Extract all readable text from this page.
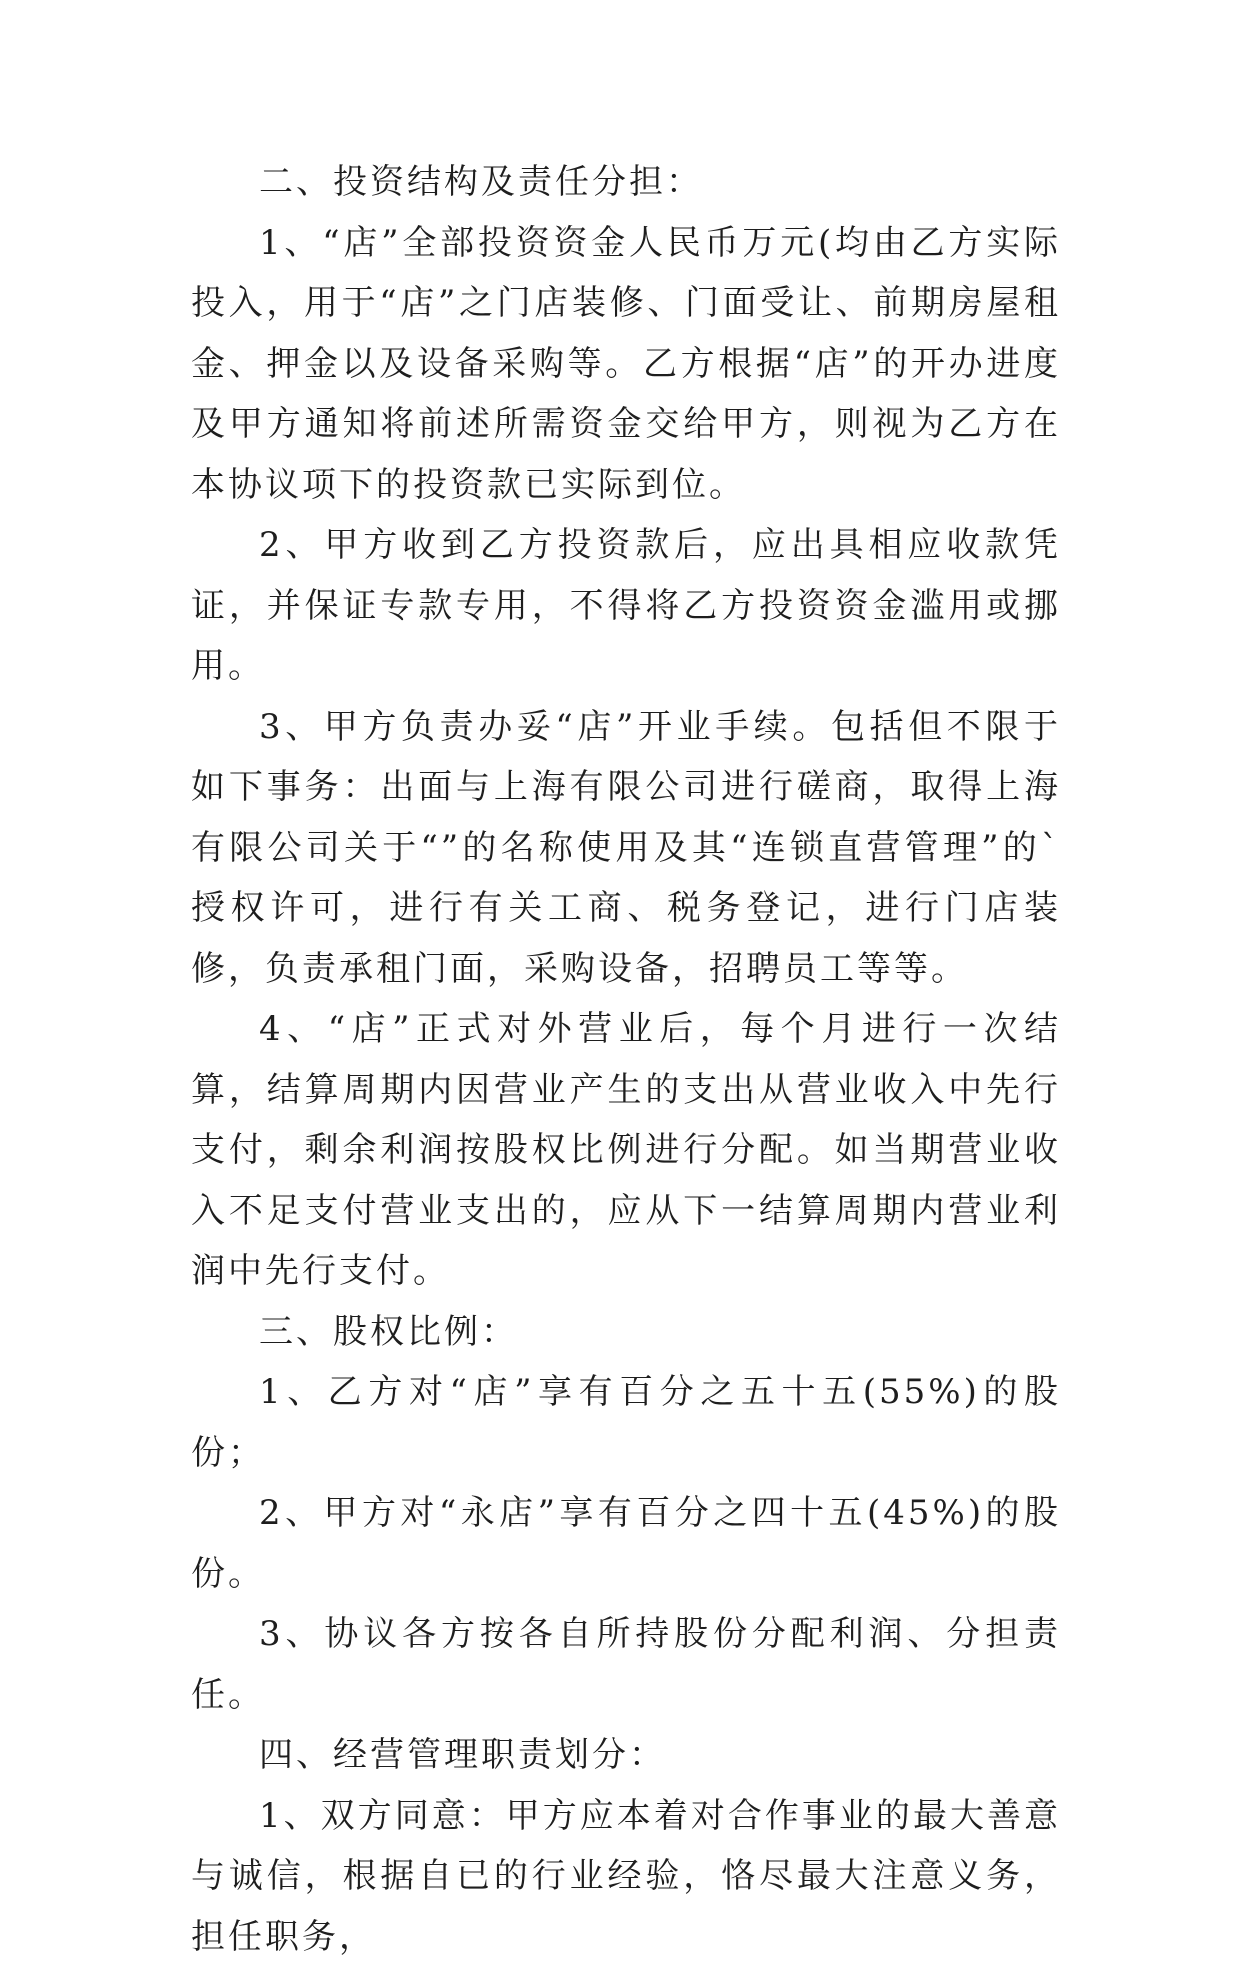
二、投资结构及责任分担：

1、“店”全部投资资金人民币万元(均由乙方实际投入，用于“店”之门店装修、门面受让、前期房屋租金、押金以及设备采购等。乙方根据“店”的开办进度及甲方通知将前述所需资金交给甲方，则视为乙方在本协议项下的投资款已实际到位。

2、甲方收到乙方投资款后，应出具相应收款凭证，并保证专款专用，不得将乙方投资资金滥用或挪用。

3、甲方负责办妥“店”开业手续。包括但不限于如下事务：出面与上海有限公司进行磋商，取得上海有限公司关于“”的名称使用及其“连锁直营管理”的`授权许可，进行有关工商、税务登记，进行门店装修，负责承租门面，采购设备，招聘员工等等。

4、“店”正式对外营业后，每个月进行一次结算，结算周期内因营业产生的支出从营业收入中先行支付，剩余利润按股权比例进行分配。如当期营业收入不足支付营业支出的，应从下一结算周期内营业利润中先行支付。

三、股权比例：

1、乙方对“店”享有百分之五十五(55%)的股份；

2、甲方对“永店”享有百分之四十五(45%)的股份。

3、协议各方按各自所持股份分配利润、分担责任。

四、经营管理职责划分：

1、双方同意：甲方应本着对合作事业的最大善意与诚信，根据自已的行业经验，恪尽最大注意义务，担任职务，
